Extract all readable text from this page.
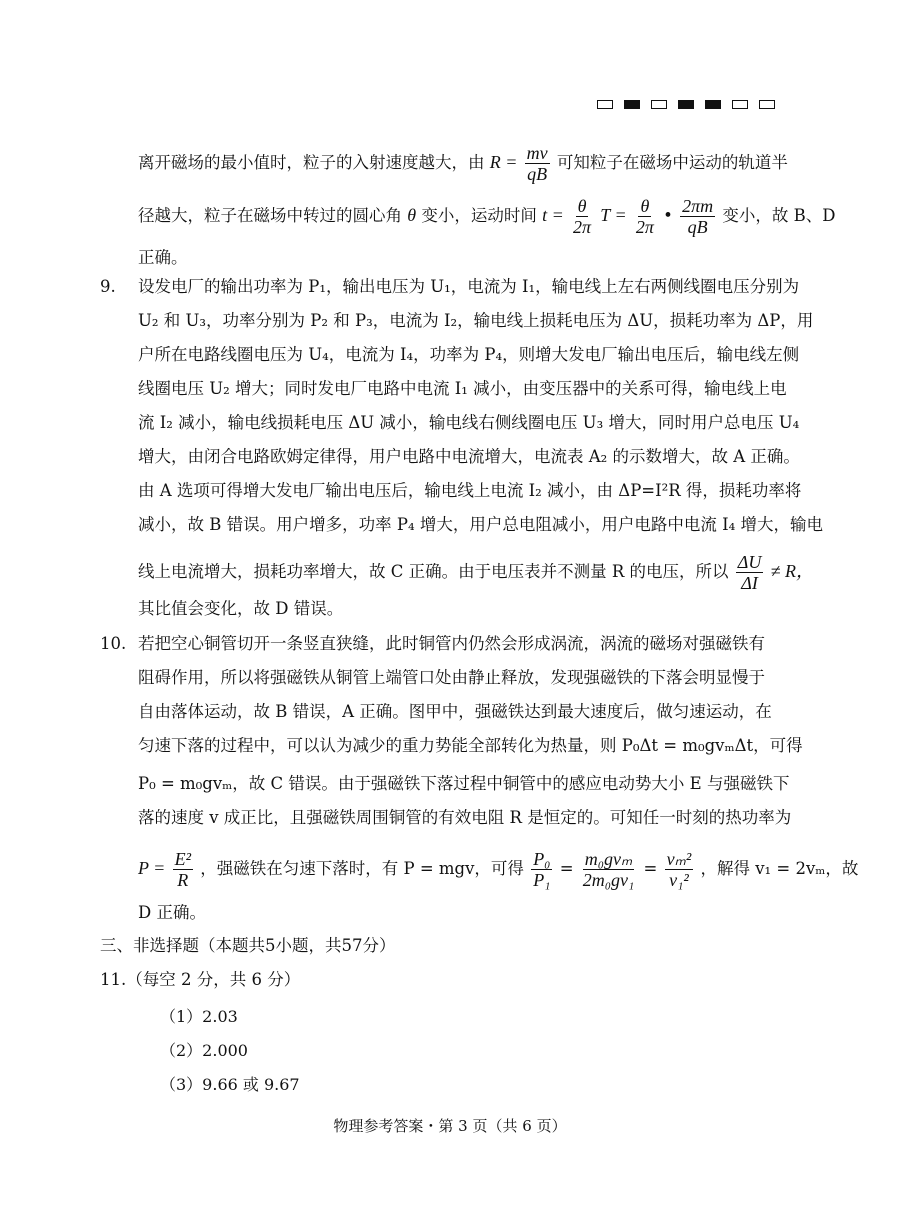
离开磁场的最小值时，粒子的入射速度越大，由 $R = \frac{mv}{qB}$ 可知粒子在磁场中运动的轨道半
径越大，粒子在磁场中转过的圆心角 θ 变小，运动时间 $t = \frac{\theta}{2\pi}$ $T = \frac{\theta}{2\pi}$ • $\frac{2\pi m}{qB}$ 变小，故 B、D
正确。
9. 设发电厂的输出功率为 P₁，输出电压为 U₁，电流为 I₁，输电线上左右两侧线圈电压分别为
U₂ 和 U₃，功率分别为 P₂ 和 P₃，电流为 I₂，输电线上损耗电压为 ΔU，损耗功率为 ΔP，用
户所在电路线圈电压为 U₄，电流为 I₄，功率为 P₄，则增大发电厂输出电压后，输电线左侧
线圈电压 U₂ 增大；同时发电厂电路中电流 I₁ 减小，由变压器中的关系可得，输电线上电
流 I₂ 减小，输电线损耗电压 ΔU 减小，输电线右侧线圈电压 U₃ 增大，同时用户总电压 U₄
增大，由闭合电路欧姆定律得，用户电路中电流增大，电流表 A₂ 的示数增大，故 A 正确。
由 A 选项可得增大发电厂输出电压后，输电线上电流 I₂ 减小，由 ΔP=I²R 得，损耗功率将
减小，故 B 错误。用户增多，功率 P₄ 增大，用户总电阻减小，用户电路中电流 I₄ 增大，输电
线上电流增大，损耗功率增大，故 C 正确。由于电压表并不测量 R 的电压，所以 $\frac{\Delta U}{\Delta I} \ne R$，
其比值会变化，故 D 错误。
10. 若把空心铜管切开一条竖直狭缝，此时铜管内仍然会形成涡流，涡流的磁场对强磁铁有
阻碍作用，所以将强磁铁从铜管上端管口处由静止释放，发现强磁铁的下落会明显慢于
自由落体运动，故 B 错误，A 正确。图甲中，强磁铁达到最大速度后，做匀速运动，在
匀速下落的过程中，可以认为减少的重力势能全部转化为热量，则 P₀Δt = m₀gvₘΔt，可得
P₀ = m₀gvₘ，故 C 错误。由于强磁铁下落过程中铜管中的感应电动势大小 E 与强磁铁下
落的速度 v 成正比，且强磁铁周围铜管的有效电阻 R 是恒定的。可知任一时刻的热功率为
$P = \frac{\text{E²}}{R}$ ，强磁铁在匀速下落时，有 P = mgv，可得 $\frac{\text{P₀}}{\text{P₁}} = \frac{\text{m₀gvₘ}}{\text{2m₀gv₁}} = \frac{\text{vₘ²}}{\text{v₁²}}$ ，解得 v₁ = 2vₘ，故
D 正确。
三、非选择题（本题共5小题，共57分）
11.（每空 2 分，共 6 分）
（1）2.03
（2）2.000
（3）9.66 或 9.67
物理参考答案・第 3 页（共 6 页）
